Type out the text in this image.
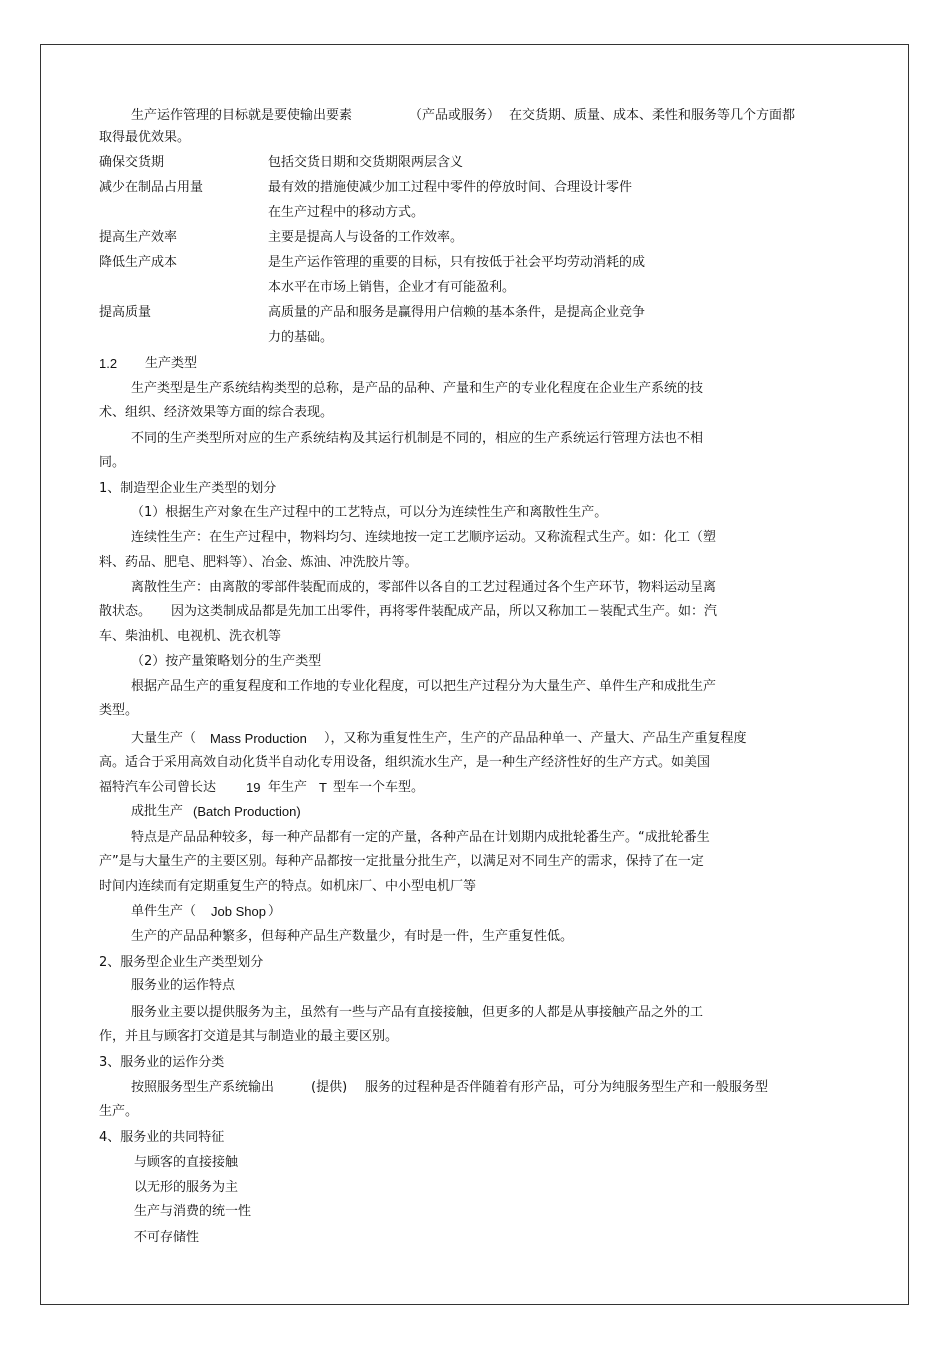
生产运作管理的目标就是要使输出要素	（产品或服务） 在交货期、质量、成本、柔性和服务等几个方面都
取得最优效果。
确保交货期	包括交货日期和交货期限两层含义
减少在制品占用量	最有效的措施使减少加工过程中零件的停放时间、合理设计零件
在生产过程中的移动方式。
提高生产效率	主要是提高人与设备的工作效率。
降低生产成本	是生产运作管理的重要的目标，只有按低于社会平均劳动消耗的成
本水平在市场上销售，企业才有可能盈利。
提高质量	高质量的产品和服务是赢得用户信赖的基本条件，是提高企业竞争
力的基础。
1.2 生产类型
生产类型是生产系统结构类型的总称，是产品的品种、产量和生产的专业化程度在企业生产系统的技
术、组织、经济效果等方面的综合表现。
不同的生产类型所对应的生产系统结构及其运行机制是不同的，相应的生产系统运行管理方法也不相
同。
1、制造型企业生产类型的划分
（1）根据生产对象在生产过程中的工艺特点，可以分为连续性生产和离散性生产。
连续性生产：在生产过程中，物料均匀、连续地按一定工艺顺序运动。又称流程式生产。如：化工（塑
料、药品、肥皂、肥料等）、冶金、炼油、冲洗胶片等。
离散性生产：由离散的零部件装配而成的，零部件以各自的工艺过程通过各个生产环节，物料运动呈离
散状态。 因为这类制成品都是先加工出零件，再将零件装配成产品，所以又称加工－装配式生产。如：汽
车、柴油机、电视机、洗衣机等
（2）按产量策略划分的生产类型
根据产品生产的重复程度和工作地的专业化程度，可以把生产过程分为大量生产、单件生产和成批生产
类型。
大量生产（ Mass Production ），又称为重复性生产，生产的产品品种单一、产量大、产品生产重复程度
高。适合于采用高效自动化货半自动化专用设备，组织流水生产，是一种生产经济性好的生产方式。如美国
福特汽车公司曾长达 19 年生产 T 型车一个车型。
成批生产 (Batch Production)
特点是产品品种较多，每一种产品都有一定的产量，各种产品在计划期内成批轮番生产。“成批轮番生
产”是与大量生产的主要区别。每种产品都按一定批量分批生产，以满足对不同生产的需求，保持了在一定
时间内连续而有定期重复生产的特点。如机床厂、中小型电机厂等
单件生产（ Job Shop ）
生产的产品品种繁多，但每种产品生产数量少，有时是一件，生产重复性低。
2、服务型企业生产类型划分
服务业的运作特点
服务业主要以提供服务为主，虽然有一些与产品有直接接触，但更多的人都是从事接触产品之外的工
作，并且与顾客打交道是其与制造业的最主要区别。
3、服务业的运作分类
按照服务型生产系统输出	(提供) 服务的过程种是否伴随着有形产品，可分为纯服务型生产和一般服务型
生产。
4、服务业的共同特征
与顾客的直接接触
以无形的服务为主
生产与消费的统一性
不可存储性
